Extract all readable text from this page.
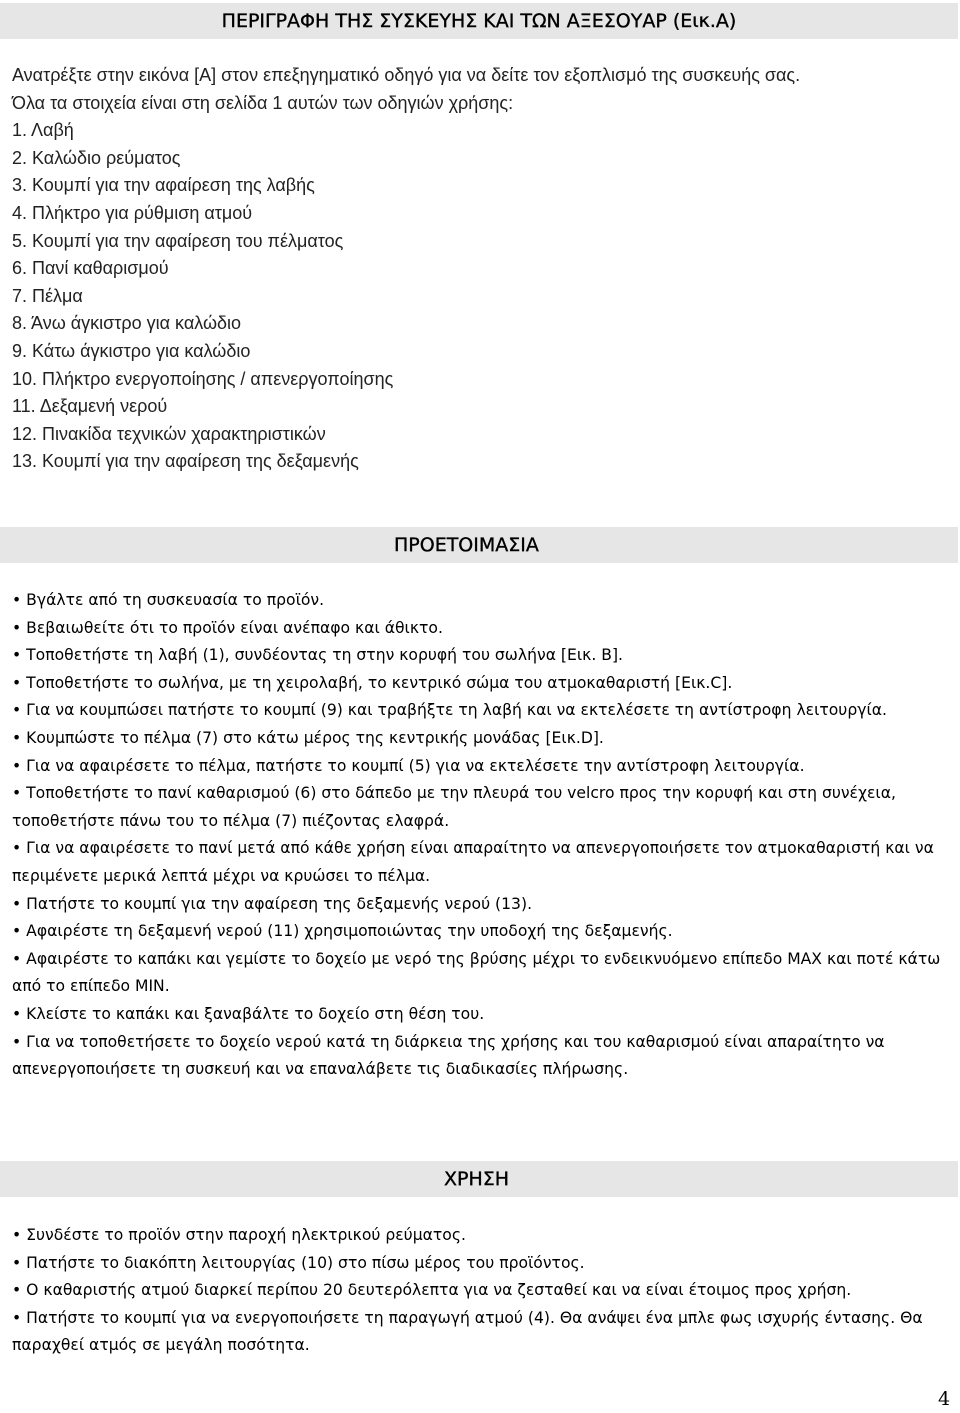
ΠΕΡΙΓΡΑΦΗ ΤΗΣ ΣΥΣΚΕΥΗΣ ΚΑΙ ΤΩΝ ΑΞΕΣΟΥΑΡ (Εικ.Α)
Ανατρέξτε στην εικόνα [Α] στον επεξηγηματικό οδηγό για να δείτε τον εξοπλισμό της συσκευής σας.
Όλα τα στοιχεία είναι στη σελίδα 1 αυτών των οδηγιών χρήσης:
1. Λαβή
2. Καλώδιο ρεύματος
3. Κουμπί για την αφαίρεση της λαβής
4. Πλήκτρο για ρύθμιση ατμού
5. Κουμπί για την αφαίρεση του πέλματος
6. Πανί καθαρισμού
7. Πέλμα
8. Άνω άγκιστρο για καλώδιο
9. Κάτω άγκιστρο για καλώδιο
10. Πλήκτρο ενεργοποίησης / απενεργοποίησης
11. Δεξαμενή νερού
12. Πινακίδα τεχνικών χαρακτηριστικών
13. Κουμπί για την αφαίρεση της δεξαμενής
ΠΡΟΕΤΟΙΜΑΣΙΑ

• Βγάλτε από τη συσκευασία το προϊόν.

• Βεβαιωθείτε ότι το προϊόν είναι ανέπαφο και άθικτο.

• Τοποθετήστε τη λαβή (1), συνδέοντας τη στην κορυφή του σωλήνα [Εικ. B].

• Τοποθετήστε το σωλήνα, με τη χειρολαβή, το κεντρικό σώμα του ατμοκαθαριστή [Εικ.C].

• Για να κουμπώσει πατήστε το κουμπί (9) και τραβήξτε τη λαβή και να εκτελέσετε τη αντίστροφη λειτουργία.

• Κουμπώστε το πέλμα (7) στο κάτω μέρος της κεντρικής μονάδας [Εικ.D].

• Για να αφαιρέσετε το πέλμα, πατήστε το κουμπί (5) για να εκτελέσετε την αντίστροφη λειτουργία.

• Τοποθετήστε το πανί καθαρισμού (6) στο δάπεδο με την πλευρά του velcro προς την κορυφή και στη συνέχεια, τοποθετήστε πάνω του το πέλμα (7) πιέζοντας ελαφρά.

• Για να αφαιρέσετε το πανί μετά από κάθε χρήση είναι απαραίτητο να απενεργοποιήσετε τον ατμοκαθαριστή και να περιμένετε μερικά λεπτά μέχρι να κρυώσει το πέλμα.

• Πατήστε το κουμπί για την αφαίρεση της δεξαμενής νερού (13).

• Αφαιρέστε τη δεξαμενή νερού (11) χρησιμοποιώντας την υποδοχή της δεξαμενής.

• Αφαιρέστε το καπάκι και γεμίστε το δοχείο με νερό της βρύσης μέχρι το ενδεικνυόμενο επίπεδο MAX και ποτέ κάτω από το επίπεδο MIN.

• Κλείστε το καπάκι και ξαναβάλτε το δοχείο στη θέση του.

• Για να τοποθετήσετε το δοχείο νερού κατά τη διάρκεια της χρήσης και του καθαρισμού είναι απαραίτητο να απενεργοποιήσετε τη συσκευή και να επαναλάβετε τις διαδικασίες πλήρωσης.

ΧΡΗΣΗ

• Συνδέστε το προϊόν στην παροχή ηλεκτρικού ρεύματος.

• Πατήστε το διακόπτη λειτουργίας (10) στο πίσω μέρος του προϊόντος.

• Ο καθαριστής ατμού διαρκεί περίπου 20 δευτερόλεπτα για να ζεσταθεί και να είναι έτοιμος προς χρήση.

• Πατήστε το κουμπί για να ενεργοποιήσετε τη παραγωγή ατμού (4). Θα ανάψει ένα μπλε φως ισχυρής έντασης. Θα παραχθεί ατμός σε μεγάλη ποσότητα.

4
